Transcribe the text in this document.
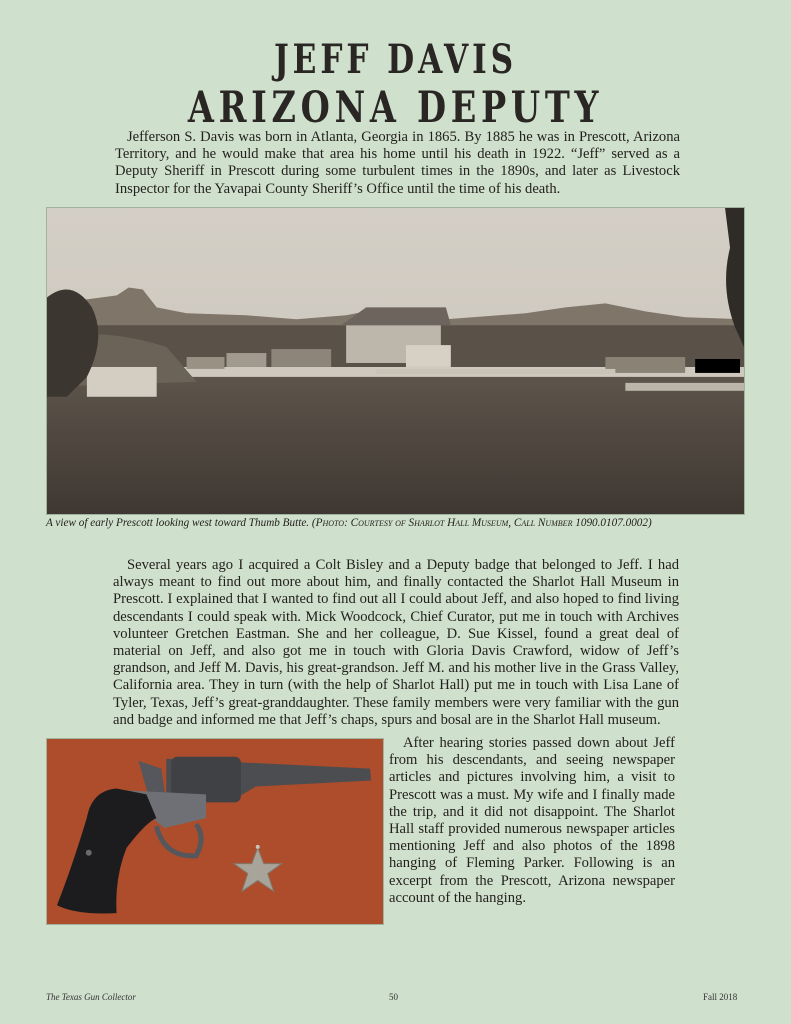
JEFF DAVIS
ARIZONA DEPUTY

Jefferson S. Davis was born in Atlanta, Georgia in 1865. By 1885 he was in Prescott, Arizona Territory, and he would make that area his home until his death in 1922. “Jeff” served as a Deputy Sheriff in Prescott during some turbulent times in the 1890s, and later as Livestock Inspector for the Yavapai County Sheriff’s Office until the time of his death.

A view of early Prescott looking west toward Thumb Butte. (Photo: Courtesy of Sharlot Hall Museum, Call Number 1090.0107.0002)

Several years ago I acquired a Colt Bisley and a Deputy badge that belonged to Jeff. I had always meant to find out more about him, and finally contacted the Sharlot Hall Museum in Prescott. I explained that I wanted to find out all I could about Jeff, and also hoped to find living descendants I could speak with. Mick Woodcock, Chief Curator, put me in touch with Archives volunteer Gretchen Eastman. She and her colleague, D. Sue Kissel, found a great deal of material on Jeff, and also got me in touch with Gloria Davis Crawford, widow of Jeff’s grandson, and Jeff M. Davis, his great-grandson. Jeff M. and his mother live in the Grass Valley, California area. They in turn (with the help of Sharlot Hall) put me in touch with Lisa Lane of Tyler, Texas, Jeff’s great-granddaughter. These family members were very familiar with the gun and badge and informed me that Jeff’s chaps, spurs and bosal are in the Sharlot Hall museum.

After hearing stories passed down about Jeff from his descendants, and seeing newspaper articles and pictures involving him, a visit to Prescott was a must. My wife and I finally made the trip, and it did not disappoint. The Sharlot Hall staff provided numerous newspaper articles mentioning Jeff and also photos of the 1898 hanging of Fleming Parker. Following is an excerpt from the Prescott, Arizona newspaper account of the hanging.

The Texas Gun Collector	50	Fall 2018
